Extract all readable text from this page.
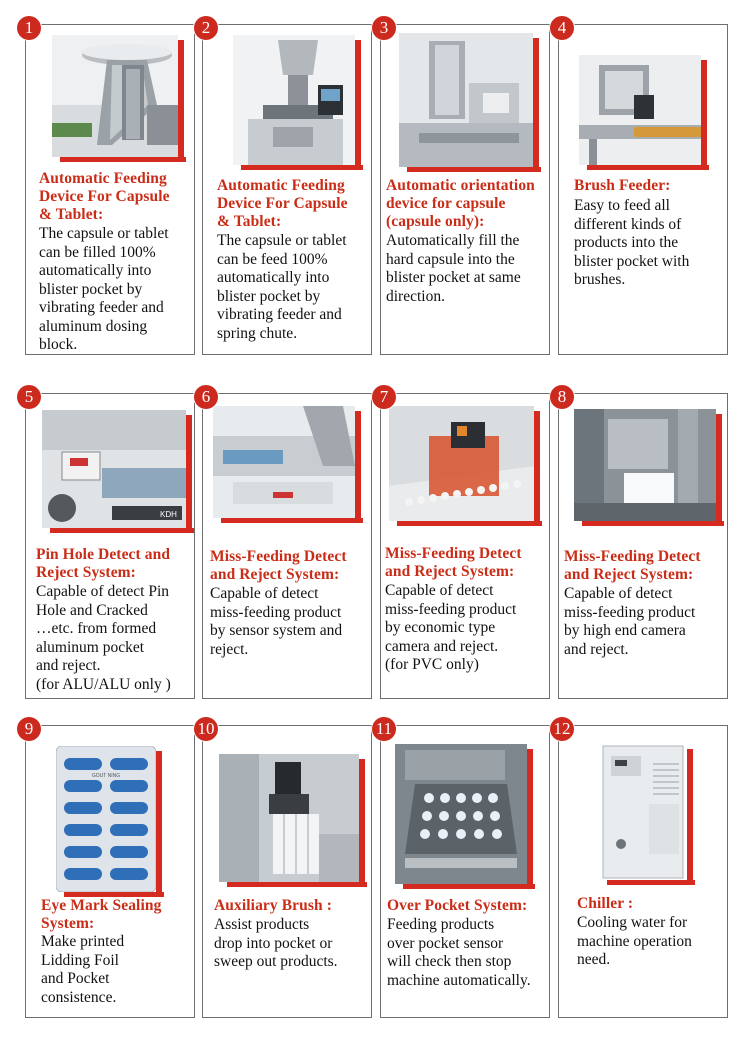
1
Automatic Feeding
Device For Capsule
& Tablet:
The capsule or tablet
can be filled 100%
automatically into
blister pocket by
vibrating feeder and
aluminum dosing
block.
2
Automatic Feeding
Device For Capsule
& Tablet:
The capsule or tablet
can be feed 100%
automatically into
blister pocket by
vibrating feeder and
spring chute.
3
Automatic orientation
device for capsule
(capsule only):
Automatically fill the
hard capsule into the
blister pocket at same
direction.
4
Brush Feeder:
Easy to feed all
different kinds of
products into the
blister pocket with
brushes.
5
KDH
Pin Hole Detect and
Reject System:
Capable of detect Pin
Hole and Cracked
…etc. from formed
aluminum pocket
and reject.
(for ALU/ALU only )
6
Miss-Feeding Detect
and Reject System:
Capable of detect
miss-feeding product
by sensor system and
reject.
7
Miss-Feeding Detect
and Reject System:
Capable of detect
miss-feeding product
by economic type
camera and reject.
(for PVC only)
8
Miss-Feeding Detect
and Reject System:
Capable of detect
miss-feeding product
by high end camera
and reject.
9
GOUT NING
Eye Mark Sealing
System:
Make printed
Lidding Foil
and Pocket
consistence.
10
Auxiliary Brush :
Assist products
drop into pocket or
sweep out products.
11
Over Pocket System:
Feeding products
over pocket sensor
will check then stop
machine automatically.
12
Chiller :
Cooling water for
machine operation
need.
